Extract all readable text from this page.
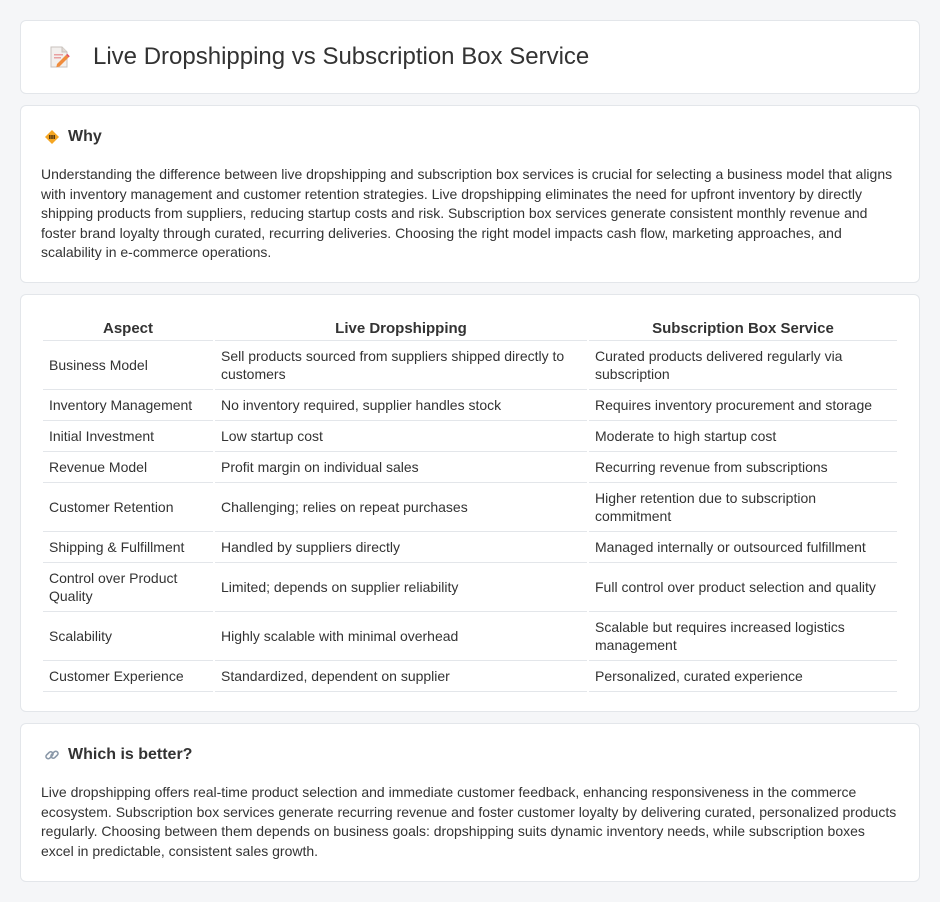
Live Dropshipping vs Subscription Box Service
Why

Understanding the difference between live dropshipping and subscription box services is crucial for selecting a business model that aligns with inventory management and customer retention strategies. Live dropshipping eliminates the need for upfront inventory by directly shipping products from suppliers, reducing startup costs and risk. Subscription box services generate consistent monthly revenue and foster brand loyalty through curated, recurring deliveries. Choosing the right model impacts cash flow, marketing approaches, and scalability in e-commerce operations.

Aspect	Live Dropshipping	Subscription Box Service
Business Model	Sell products sourced from suppliers shipped directly to customers	Curated products delivered regularly via subscription
Inventory Management	No inventory required, supplier handles stock	Requires inventory procurement and storage
Initial Investment	Low startup cost	Moderate to high startup cost
Revenue Model	Profit margin on individual sales	Recurring revenue from subscriptions
Customer Retention	Challenging; relies on repeat purchases	Higher retention due to subscription commitment
Shipping & Fulfillment	Handled by suppliers directly	Managed internally or outsourced fulfillment
Control over Product Quality	Limited; depends on supplier reliability	Full control over product selection and quality
Scalability	Highly scalable with minimal overhead	Scalable but requires increased logistics management
Customer Experience	Standardized, dependent on supplier	Personalized, curated experience
Which is better?

Live dropshipping offers real-time product selection and immediate customer feedback, enhancing responsiveness in the commerce ecosystem. Subscription box services generate recurring revenue and foster customer loyalty by delivering curated, personalized products regularly. Choosing between them depends on business goals: dropshipping suits dynamic inventory needs, while subscription boxes excel in predictable, consistent sales growth.
